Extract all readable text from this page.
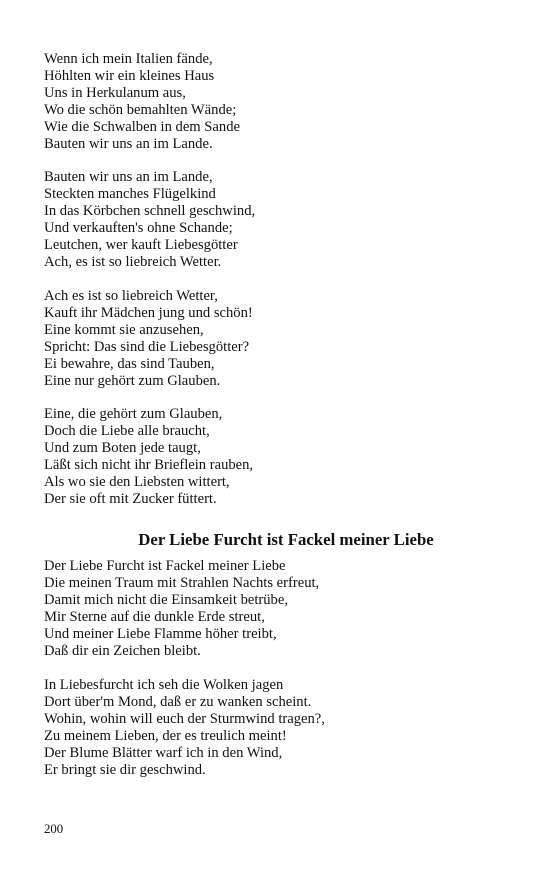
Wenn ich mein Italien fände,
Höhlten wir ein kleines Haus
Uns in Herkulanum aus,
Wo die schön bemahlten Wände;
Wie die Schwalben in dem Sande
Bauten wir uns an im Lande.
Bauten wir uns an im Lande,
Steckten manches Flügelkind
In das Körbchen schnell geschwind,
Und verkauften's ohne Schande;
Leutchen, wer kauft Liebesgötter
Ach, es ist so liebreich Wetter.
Ach es ist so liebreich Wetter,
Kauft ihr Mädchen jung und schön!
Eine kommt sie anzusehen,
Spricht: Das sind die Liebesgötter?
Ei bewahre, das sind Tauben,
Eine nur gehört zum Glauben.
Eine, die gehört zum Glauben,
Doch die Liebe alle braucht,
Und zum Boten jede taugt,
Läßt sich nicht ihr Brieflein rauben,
Als wo sie den Liebsten wittert,
Der sie oft mit Zucker füttert.
Der Liebe Furcht ist Fackel meiner Liebe
Der Liebe Furcht ist Fackel meiner Liebe
Die meinen Traum mit Strahlen Nachts erfreut,
Damit mich nicht die Einsamkeit betrübe,
Mir Sterne auf die dunkle Erde streut,
Und meiner Liebe Flamme höher treibt,
Daß dir ein Zeichen bleibt.
In Liebesfurcht ich seh die Wolken jagen
Dort über'm Mond, daß er zu wanken scheint.
Wohin, wohin will euch der Sturmwind tragen?,
Zu meinem Lieben, der es treulich meint!
Der Blume Blätter warf ich in den Wind,
Er bringt sie dir geschwind.
200
